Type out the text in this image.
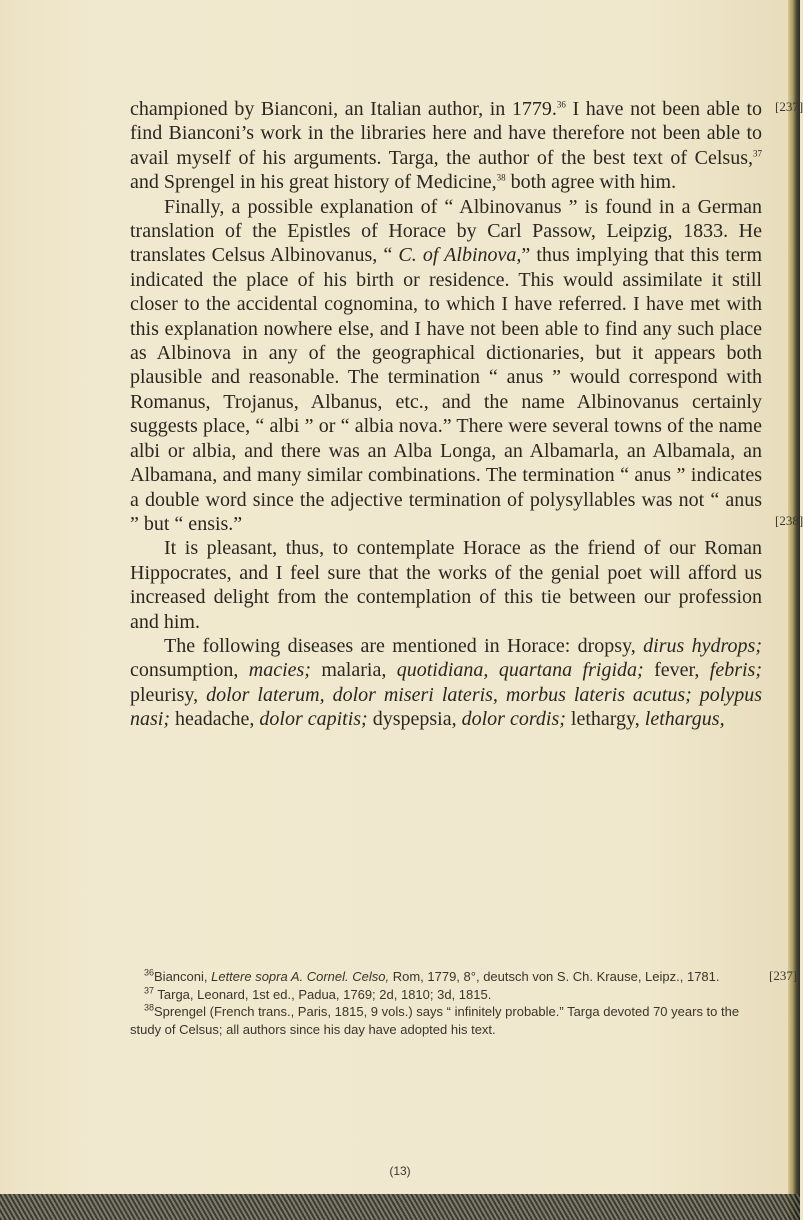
championed by Bianconi, an Italian author, in 1779.36 I have not been able to find Bianconi’s work in the libraries here and have therefore not been able to avail myself of his arguments. Targa, the author of the best text of Celsus,$^{37}$ and Sprengel in his great history of Medicine,$^{38}$ both agree with him.

Finally, a possible explanation of “ Albinovanus ” is found in a German translation of the Epistles of Horace by Carl Passow, Leipzig, 1833. He translates Celsus Albinovanus, “ C. of Albinova,” thus implying that this term indicated the place of his birth or residence. This would assimilate it still closer to the accidental cognomina, to which I have referred. I have met with this explanation nowhere else, and I have not been able to find any such place as Albinova in any of the geographical dictionaries, but it appears both plausible and reasonable. The termination “ anus ” would correspond with Romanus, Trojanus, Albanus, etc., and the name Albinovanus certainly suggests place, “ albi ” or “ albia nova.” There were several towns of the name albi or albia, and there was an Alba Longa, an Albamarla, an Albamala, an Albamana, and many similar combinations. The termination “ anus ” indicates a double word since the adjective termination of polysyllables was not “ anus ” but “ ensis.”

It is pleasant, thus, to contemplate Horace as the friend of our Roman Hippocrates, and I feel sure that the works of the genial poet will afford us increased delight from the contemplation of this tie between our profession and him.

The following diseases are mentioned in Horace: dropsy, dirus hydrops; consumption, macies; malaria, quotidiana, quartana frigida; fever, febris; pleurisy, dolor laterum, dolor miseri lateris, morbus lateris acutus; polypus nasi; headache, dolor capitis; dyspepsia, dolor cordis; lethargy, lethargus,

[237]
[238]

$^{36}$Bianconi, Lettere sopra A. Cornel. Celso, Rom, 1779, 8°, deutsch von S. Ch. Krause, Leipz., 1781.

$^{37}$ Targa, Leonard, 1st ed., Padua, 1769; 2d, 1810; 3d, 1815.

$^{38}$Sprengel (French trans., Paris, 1815, 9 vols.) says “ infinitely probable.” Targa devoted 70 years to the study of Celsus; all authors since his day have adopted his text.

[237]
(13)
